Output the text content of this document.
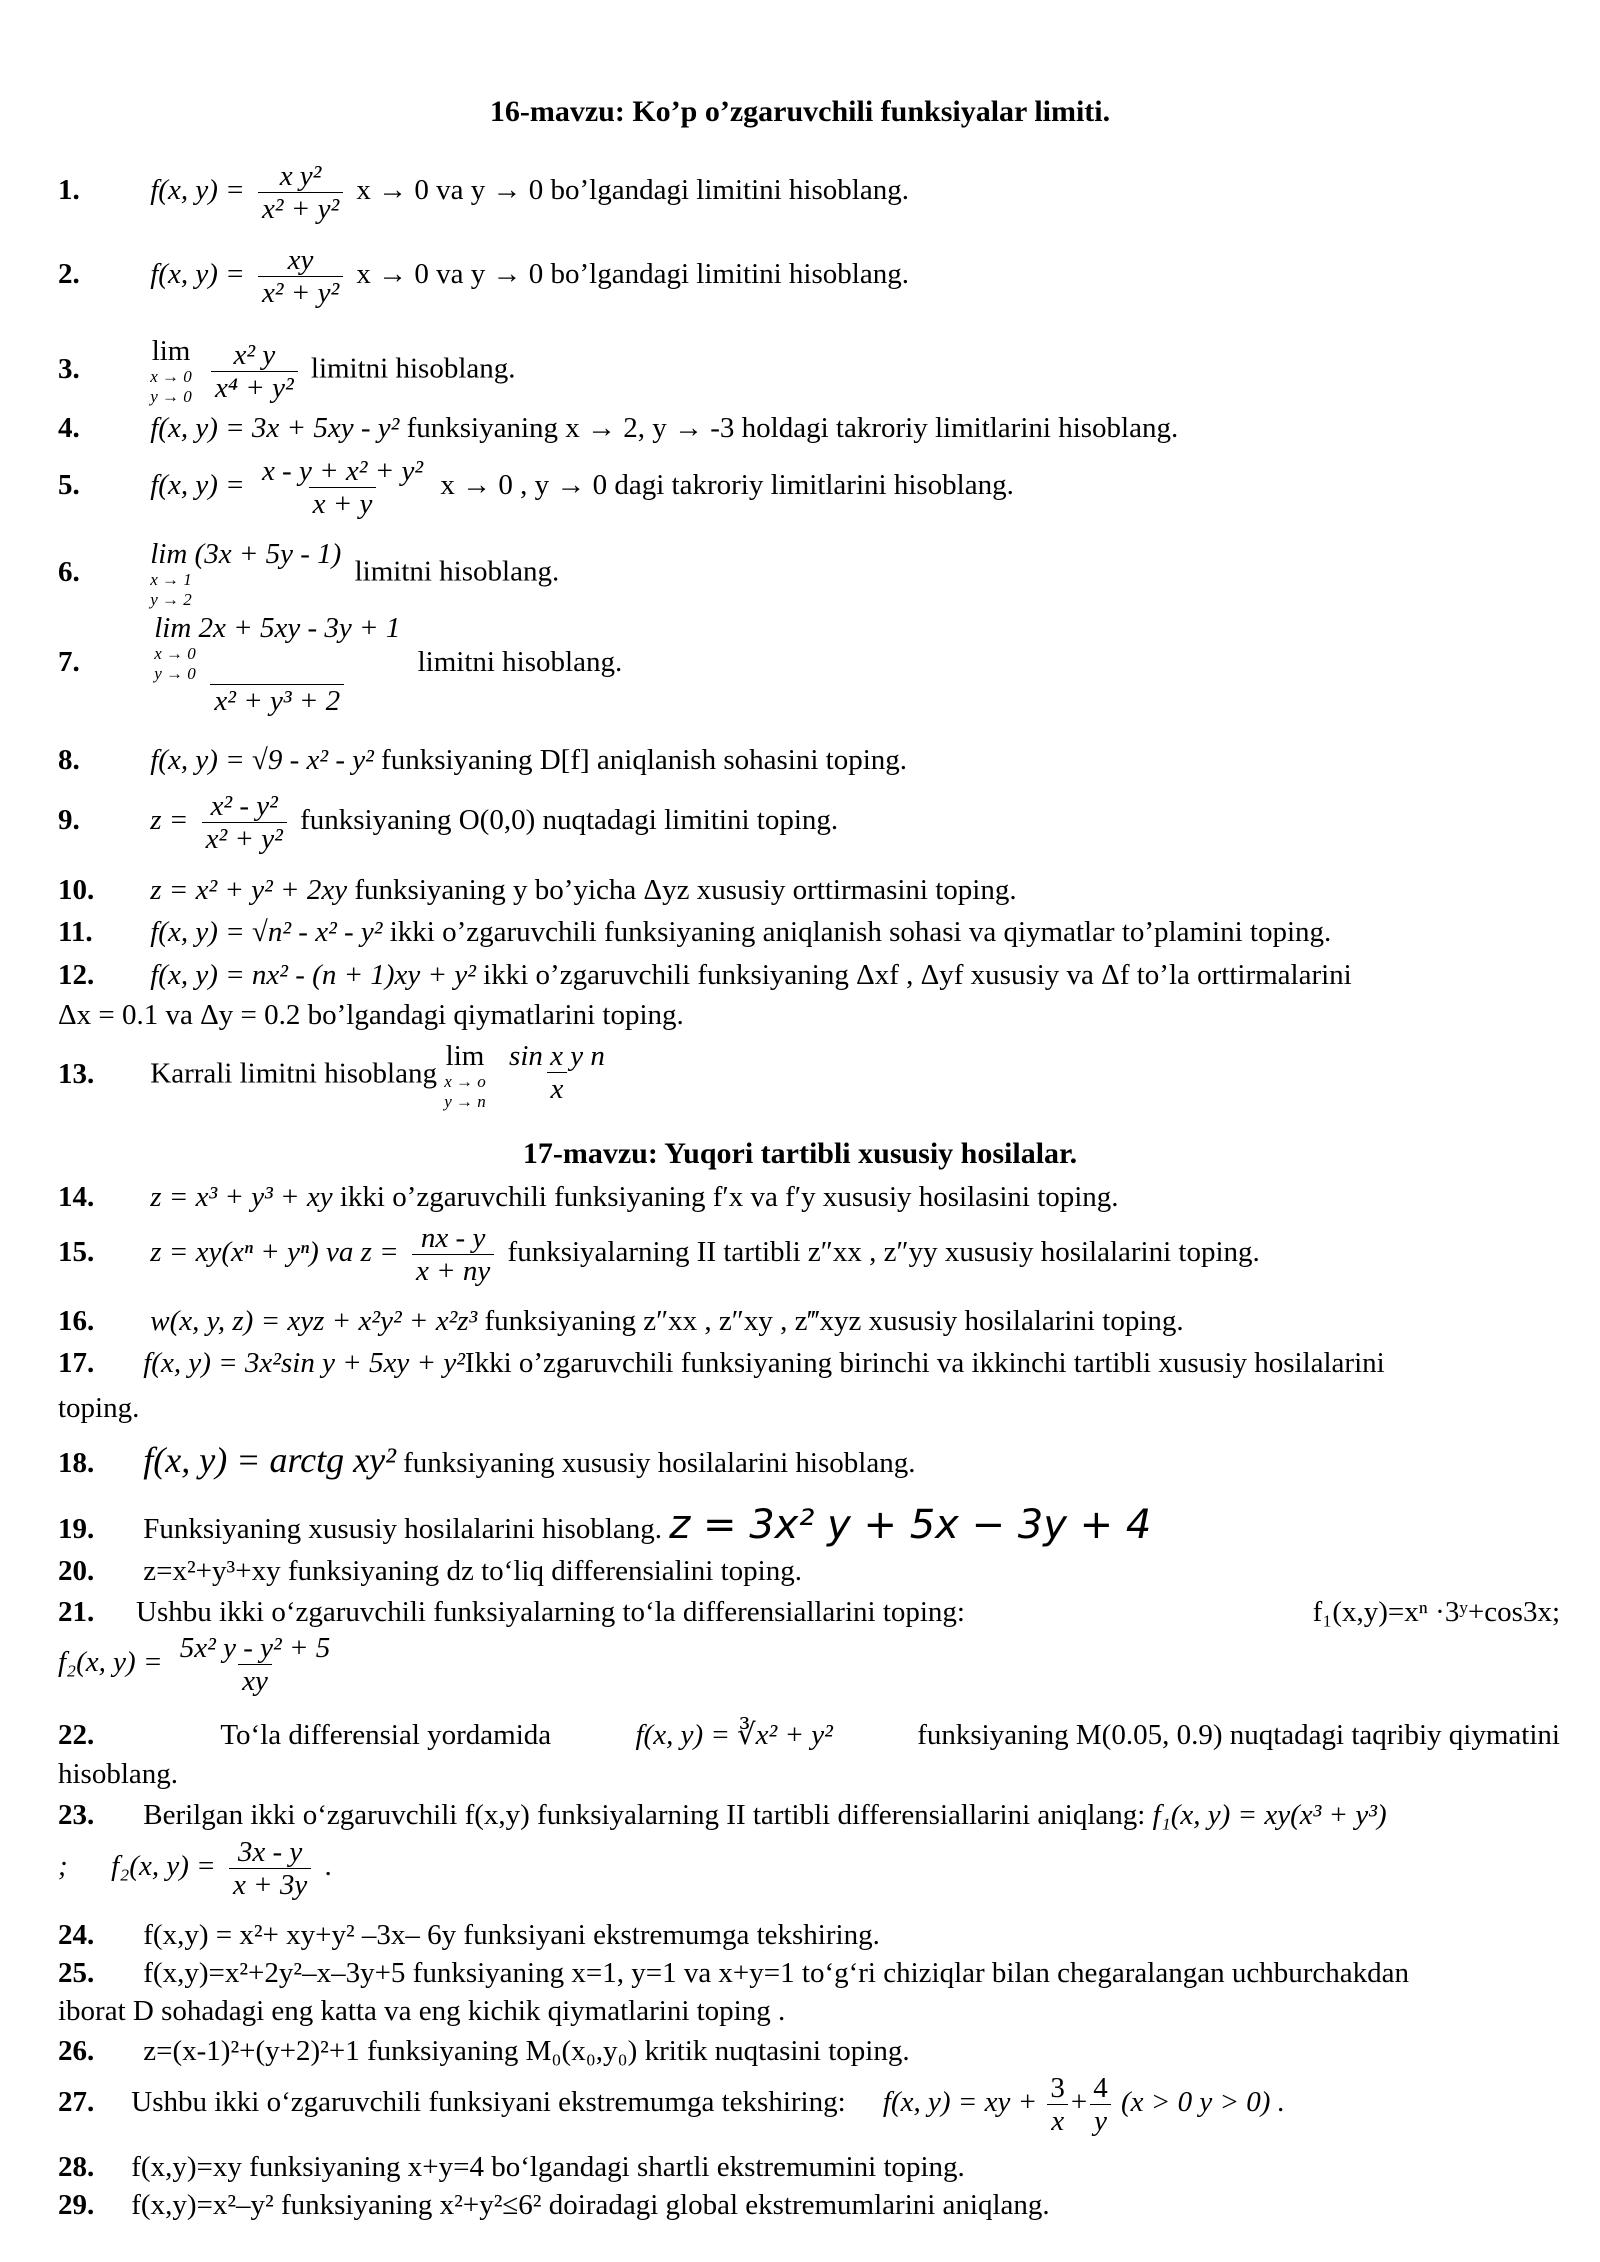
16-mavzu: Ko’p o’zgaruvchili funksiyalar limiti.
1. f(x, $y) = \frac{\text{x y²}}{\text{x² + y²}}$ x → 0 va y → 0 bo’lgandagi limitini hisoblang.
2. f(x, $y) = \frac{xy}{\text{x² + y²}}$ x → 0 va y → 0 bo’lgandagi limitini hisoblang.
3.
lim
x → 0
y → 0
$\frac{\text{x² y}}{\text{x⁴ + y²}}$ limitni hisoblang.
4. f(x, y) = 3x + 5xy - y² funksiyaning x → 2, y → -3 holdagi takroriy limitlarini hisoblang.
5. f(x, $y) = \frac{\text{x - y + x² + y²}}{x + y}$ x → 0 , y → 0 dagi takroriy limitlarini hisoblang.
6.
lim (3x + 5y - 1)
x → 1
y → 2
limitni hisoblang.
7. lim 2x + 5xy - 3y + 1
x → 0
y → 0
x² + y³ + 2 limitni hisoblang.
8. f(x, y) = √9 - x² - y² funksiyaning D[f] aniqlanish sohasini toping.
9. $z = \frac{\text{x² - y²}}{\text{x² + y²}}$ funksiyaning O(0,0) nuqtadagi limitini toping.
10. z = x² + y² + 2xy funksiyaning y bo’yicha Δyz xususiy orttirmasini toping.
11. f(x, y) = √n² - x² - y² ikki o’zgaruvchili funksiyaning aniqlanish sohasi va qiymatlar to’plamini toping.
12. f(x, y) = nx² - (n + 1)xy + y² ikki o’zgaruvchili funksiyaning Δxf , Δyf xususiy va Δf to’la orttirmalarini
Δx = 0.1 va Δy = 0.2 bo’lgandagi qiymatlarini toping.
13. Karrali limitni hisoblang
lim
x → o
y → n
$\frac{\text{sin x y n}}{x}$
17-mavzu: Yuqori tartibli xususiy hosilalar.
14. z = x³ + y³ + xy ikki o’zgaruvchili funksiyaning f′x va f′y xususiy hosilasini toping.
15. z = xy(xⁿ + yⁿ) va $z = \frac{nx - y}{x + ny}$ funksiyalarning II tartibli z″xx , z″yy xususiy hosilalarini toping.
16. w(x, y, z) = xyz + x²y² + x²z³ funksiyaning z″xx , z″xy , z‴xyz xususiy hosilalarini toping.
17. f(x, y) = 3x²sin y + 5xy + y²Ikki o’zgaruvchili funksiyaning birinchi va ikkinchi tartibli xususiy hosilalarini
toping.
18. f(x, y) = arctg xy² funksiyaning xususiy hosilalarini hisoblang.
19. Funksiyaning xususiy hosilalarini hisoblang. z = 3x² y + 5x − 3y + 4
20. z=x²+y³+xy funksiyaning dz to‘liq differensialini toping.
21. Ushbu ikki o‘zgaruvchili funksiyalarning to‘la differensiallarini toping:	f₁(x,y)=xⁿ ·3ʸ+cos3x;
f₂(x, $y) = \frac{\text{5x² y - y² + 5}}{xy}$
22.	To‘la differensial yordamida	f(x, y) = ∛x² + y²	funksiyaning M(0.05, 0.9) nuqtadagi taqribiy qiymatini
hisoblang.
23. Berilgan ikki o‘zgaruvchili f(x,y) funksiyalarning II tartibli differensiallarini aniqlang: f₁(x, y) = xy(x³ + y³)
;      f₂(x, $y) = \frac{3x - y}{x + 3y}$ .
24. f(x,y) = x²+ xy+y² –3x– 6y funksiyani ekstremumga tekshiring.
25. f(x,y)=x²+2y²–x–3y+5 funksiyaning x=1, y=1 va x+y=1 to‘g‘ri chiziqlar bilan chegaralangan uchburchakdan
iborat D sohadagi eng katta va eng kichik qiymatlarini toping .
26. z=(x-1)²+(y+2)²+1 funksiyaning M₀(x₀,y₀) kritik nuqtasini toping.
27. Ushbu ikki o‘zgaruvchili funksiyani ekstremumga tekshiring: f(x, y) = xy + $\frac{3}{x} + \frac{4}{y} (x > 0$ y > 0) .
28. f(x,y)=xy funksiyaning x+y=4 bo‘lgandagi shartli ekstremumini toping.
29. f(x,y)=x²–y² funksiyaning x²+y²≤6² doiradagi global ekstremumlarini aniqlang.
